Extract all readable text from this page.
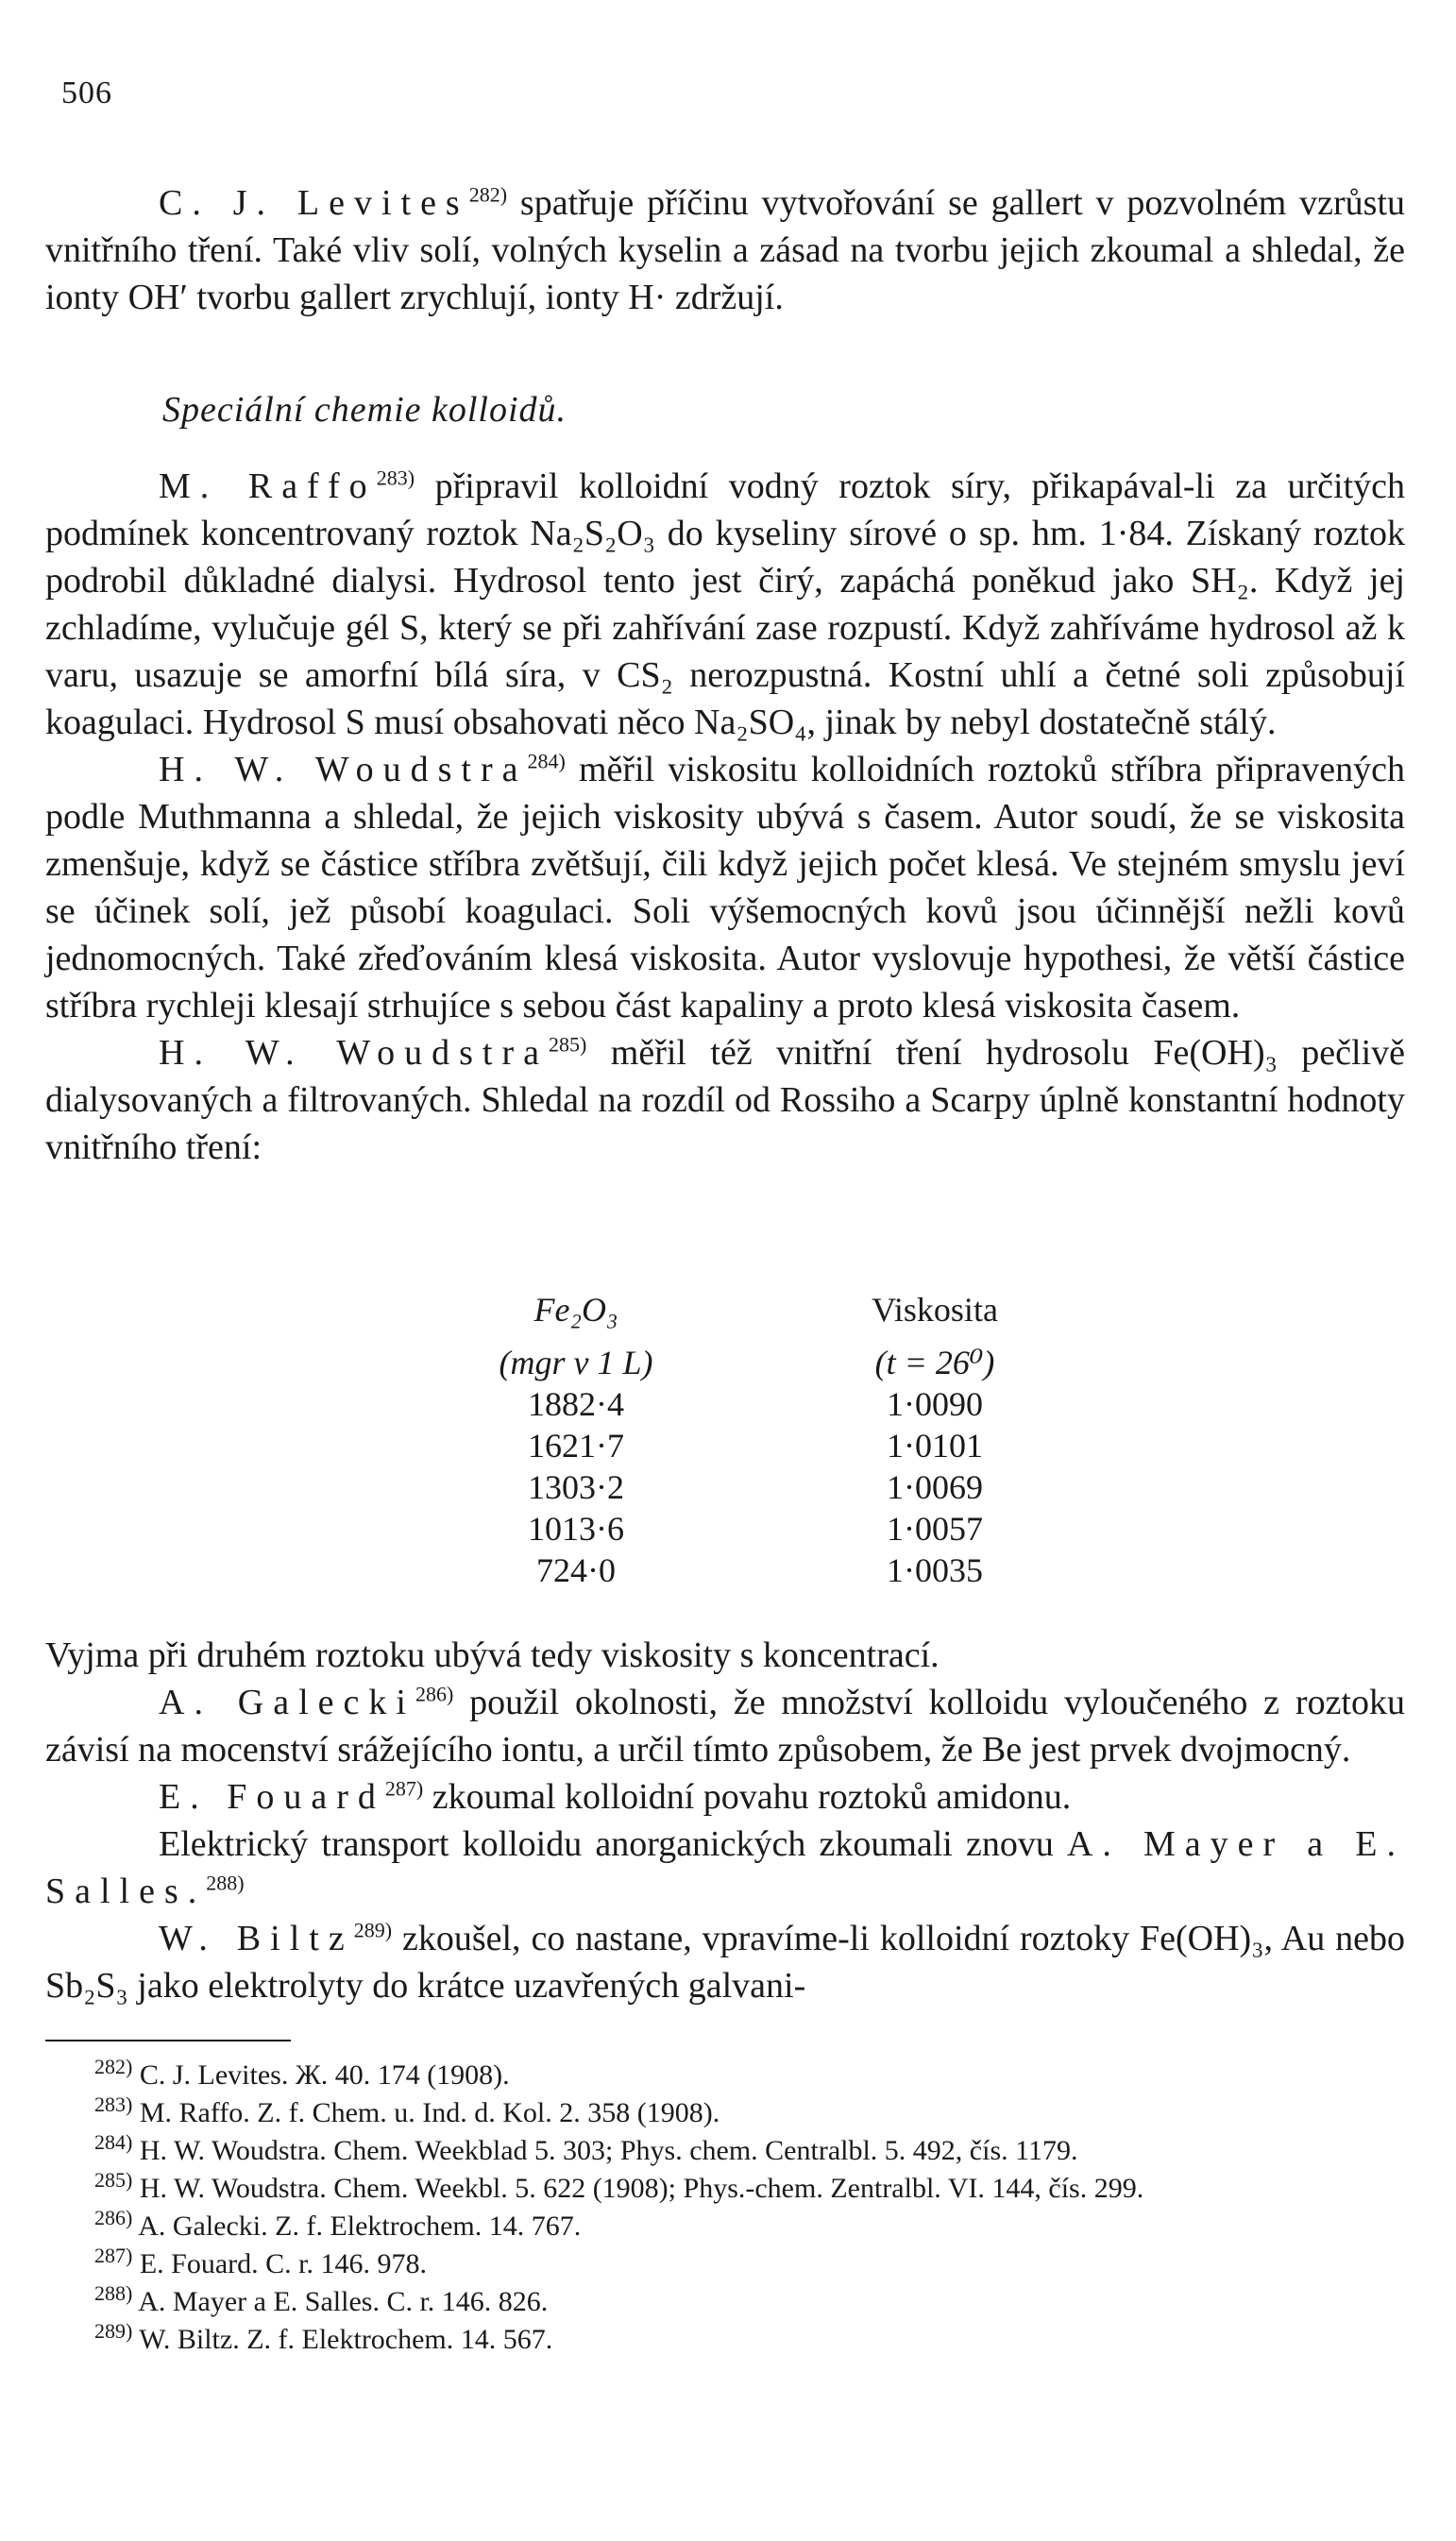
506

C. J. Levites$^{282)}$ spatřuje příčinu vytvořování se gallert v pozvolném vzrůstu vnitřního tření. Také vliv solí, volných kyselin a zásad na tvorbu jejich zkoumal a shledal, že ionty OH′ tvorbu gallert zrychlují, ionty H· zdržují.

Speciální chemie kolloidů.

M. Raffo$^{283)}$ připravil kolloidní vodný roztok síry, přikapával-li za určitých podmínek koncentrovaný roztok Na₂S₂O₃ do kyseliny sírové o sp. hm. 1·84. Získaný roztok podrobil důkladné dialysi. Hydrosol tento jest čirý, zapáchá poněkud jako SH₂. Když jej zchladíme, vylučuje gél S, který se při zahřívání zase rozpustí. Když zahříváme hydrosol až k varu, usazuje se amorfní bílá síra, v CS₂ nerozpustná. Kostní uhlí a četné soli způsobují koagulaci. Hydrosol S musí obsahovati něco Na₂SO₄, jinak by nebyl dostatečně stálý.

H. W. Woudstra$^{284)}$ měřil viskositu kolloidních roztoků stříbra připravených podle Muthmanna a shledal, že jejich viskosity ubývá s časem. Autor soudí, že se viskosita zmenšuje, když se částice stříbra zvětšují, čili když jejich počet klesá. Ve stejném smyslu jeví se účinek solí, jež působí koagulaci. Soli výšemocných kovů jsou účinnější nežli kovů jednomocných. Také zřeďováním klesá viskosita. Autor vyslovuje hypothesi, že větší částice stříbra rychleji klesají strhujíce s sebou část kapaliny a proto klesá viskosita časem.

H. W. Woudstra$^{285)}$ měřil též vnitřní tření hydrosolu Fe(OH)₃ pečlivě dialysovaných a filtrovaných. Shledal na rozdíl od Rossiho a Scarpy úplně konstantní hodnoty vnitřního tření:

Fe₂O₃	Viskosita
(mgr v 1 L)	(t = 26⁰)
1882·4	1·0090
1621·7	1·0101
1303·2	1·0069
1013·6	1·0057
724·0	1·0035

Vyjma při druhém roztoku ubývá tedy viskosity s koncentrací.

A. Galecki$^{286)}$ použil okolnosti, že množství kolloidu vyloučeného z roztoku závisí na mocenství srážejícího iontu, a určil tímto způsobem, že Be jest prvek dvojmocný.

E. Fouard$^{287)}$ zkoumal kolloidní povahu roztoků amidonu.

Elektrický transport kolloidu anorganických zkoumali znovu A. Mayer a E. Salles.$^{288)}$

W. Biltz$^{289)}$ zkoušel, co nastane, vpravíme-li kolloidní roztoky Fe(OH)₃, Au nebo Sb₂S₃ jako elektrolyty do krátce uzavřených galvani-

$^{282)}$ C. J. Levites. Ж. 40. 174 (1908).
$^{283)}$ M. Raffo. Z. f. Chem. u. Ind. d. Kol. 2. 358 (1908).
$^{284)}$ H. W. Woudstra. Chem. Weekblad 5. 303; Phys. chem. Centralbl. 5. 492, čís. 1179.
$^{285)}$ H. W. Woudstra. Chem. Weekbl. 5. 622 (1908); Phys.-chem. Zentralbl. VI. 144, čís. 299.
$^{286)}$ A. Galecki. Z. f. Elektrochem. 14. 767.
$^{287)}$ E. Fouard. C. r. 146. 978.
$^{288)}$ A. Mayer a E. Salles. C. r. 146. 826.
$^{289)}$ W. Biltz. Z. f. Elektrochem. 14. 567.
